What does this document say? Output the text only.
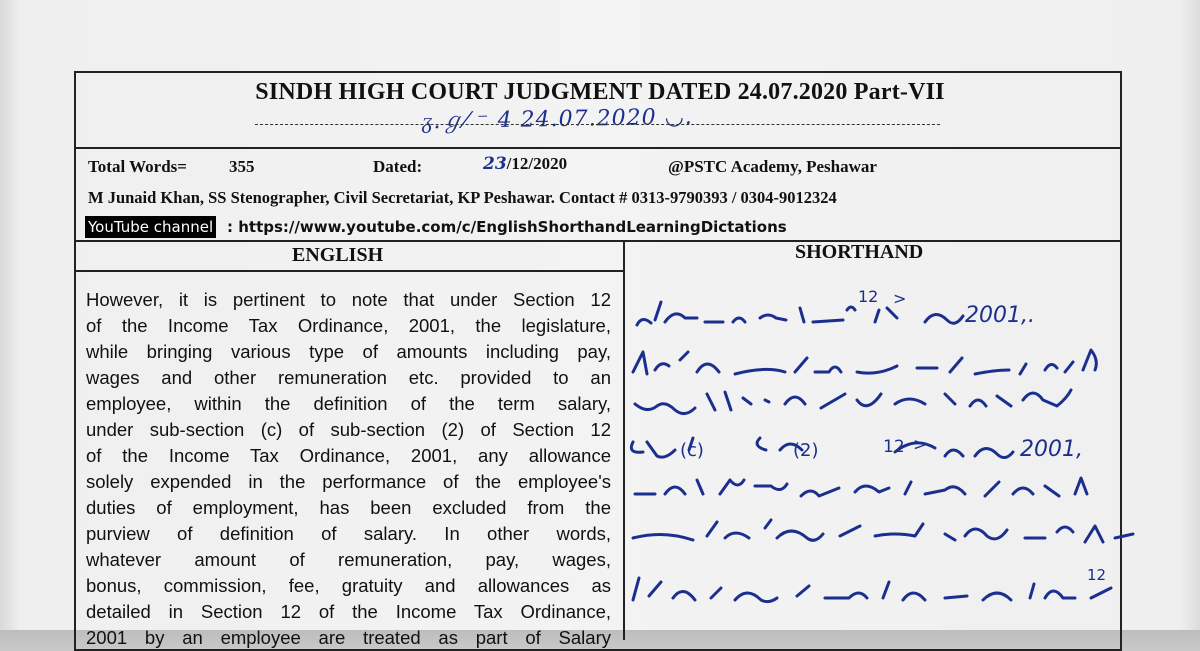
SINDH HIGH COURT JUDGMENT DATED 24.07.2020 Part-VII
ᵹ.ℊ⁄ ⁻ 4 24.07.2020 ◡.
Total Words= 355	Dated:	23/12/2020	@PSTC Academy, Peshawar
M Junaid Khan, SS Stenographer, Civil Secretariat, KP Peshawar. Contact # 0313-9790393 / 0304-9012324
YouTube channel : https://www.youtube.com/c/EnglishShorthandLearningDictations
ENGLISH	SHORTHAND
However, it is pertinent to note that under Section 12
of the Income Tax Ordinance, 2001, the legislature,
while bringing various type of amounts including pay,
wages and other remuneration etc. provided to an
employee, within the definition of the term salary,
under sub-section (c) of sub-section (2) of Section 12
of the Income Tax Ordinance, 2001, any allowance
solely expended in the performance of the employee's
duties of employment, has been excluded from the
purview of definition of salary. In other words,
whatever amount of remuneration, pay, wages,
bonus, commission, fee, gratuity and allowances as
detailed in Section 12 of the Income Tax Ordinance,
2001 by an employee are treated as part of Salary
12 >
2001,.
(c)	(2)	12 >	2001,
12
